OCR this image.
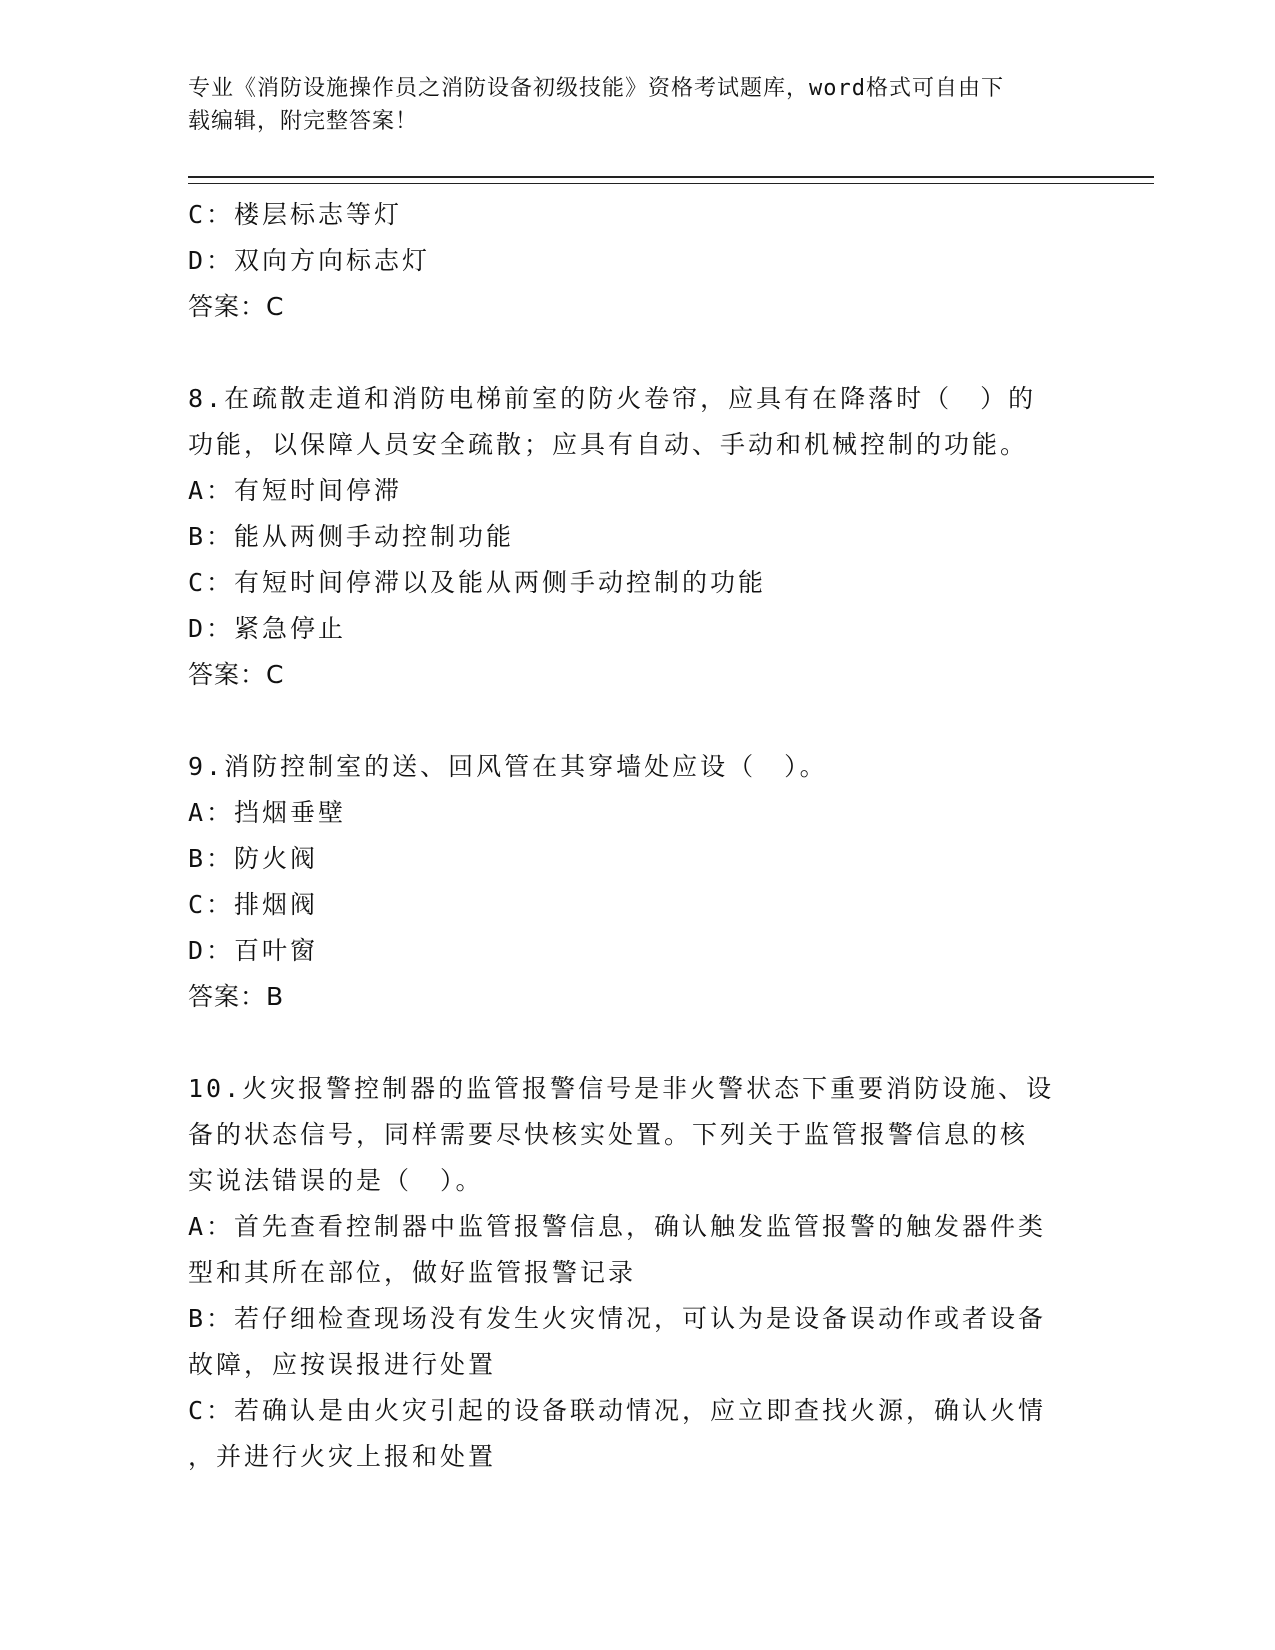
专业《消防设施操作员之消防设备初级技能》资格考试题库，word格式可自由下
载编辑，附完整答案！
C：楼层标志等灯
D：双向方向标志灯
答案：C
8.在疏散走道和消防电梯前室的防火卷帘，应具有在降落时（　）的
功能，以保障人员安全疏散；应具有自动、手动和机械控制的功能。
A：有短时间停滞
B：能从两侧手动控制功能
C：有短时间停滞以及能从两侧手动控制的功能
D：紧急停止
答案：C
9.消防控制室的送、回风管在其穿墙处应设（　）。
A：挡烟垂壁
B：防火阀
C：排烟阀
D：百叶窗
答案：B
10.火灾报警控制器的监管报警信号是非火警状态下重要消防设施、设
备的状态信号，同样需要尽快核实处置。下列关于监管报警信息的核
实说法错误的是（　）。
A：首先查看控制器中监管报警信息，确认触发监管报警的触发器件类
型和其所在部位，做好监管报警记录
B：若仔细检查现场没有发生火灾情况，可认为是设备误动作或者设备
故障，应按误报进行处置
C：若确认是由火灾引起的设备联动情况，应立即查找火源，确认火情
，并进行火灾上报和处置
